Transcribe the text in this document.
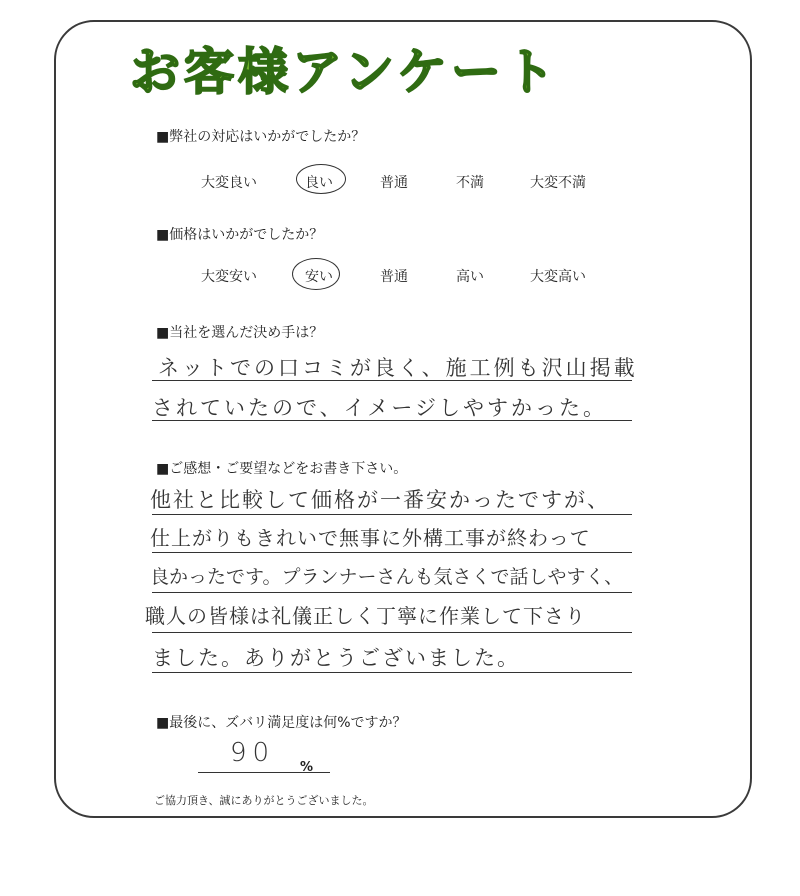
お客様アンケート
■弊社の対応はいかがでしたか？
大変良い	良い	普通	不満	大変不満
■価格はいかがでしたか？
大変安い	安い	普通	高い	大変高い
■当社を選んだ決め手は？
ネットでの口コミが良く、施工例も沢山掲載
されていたので、イメージしやすかった。
■ご感想・ご要望などをお書き下さい。
他社と比較して価格が一番安かったですが、
仕上がりもきれいで無事に外構工事が終わって
良かったです。プランナーさんも気さくで話しやすく、
職人の皆様は礼儀正しく丁寧に作業して下さり
ました。ありがとうございました。
■最後に、ズバリ満足度は何%ですか？
90 %
ご協力頂き、誠にありがとうございました。
